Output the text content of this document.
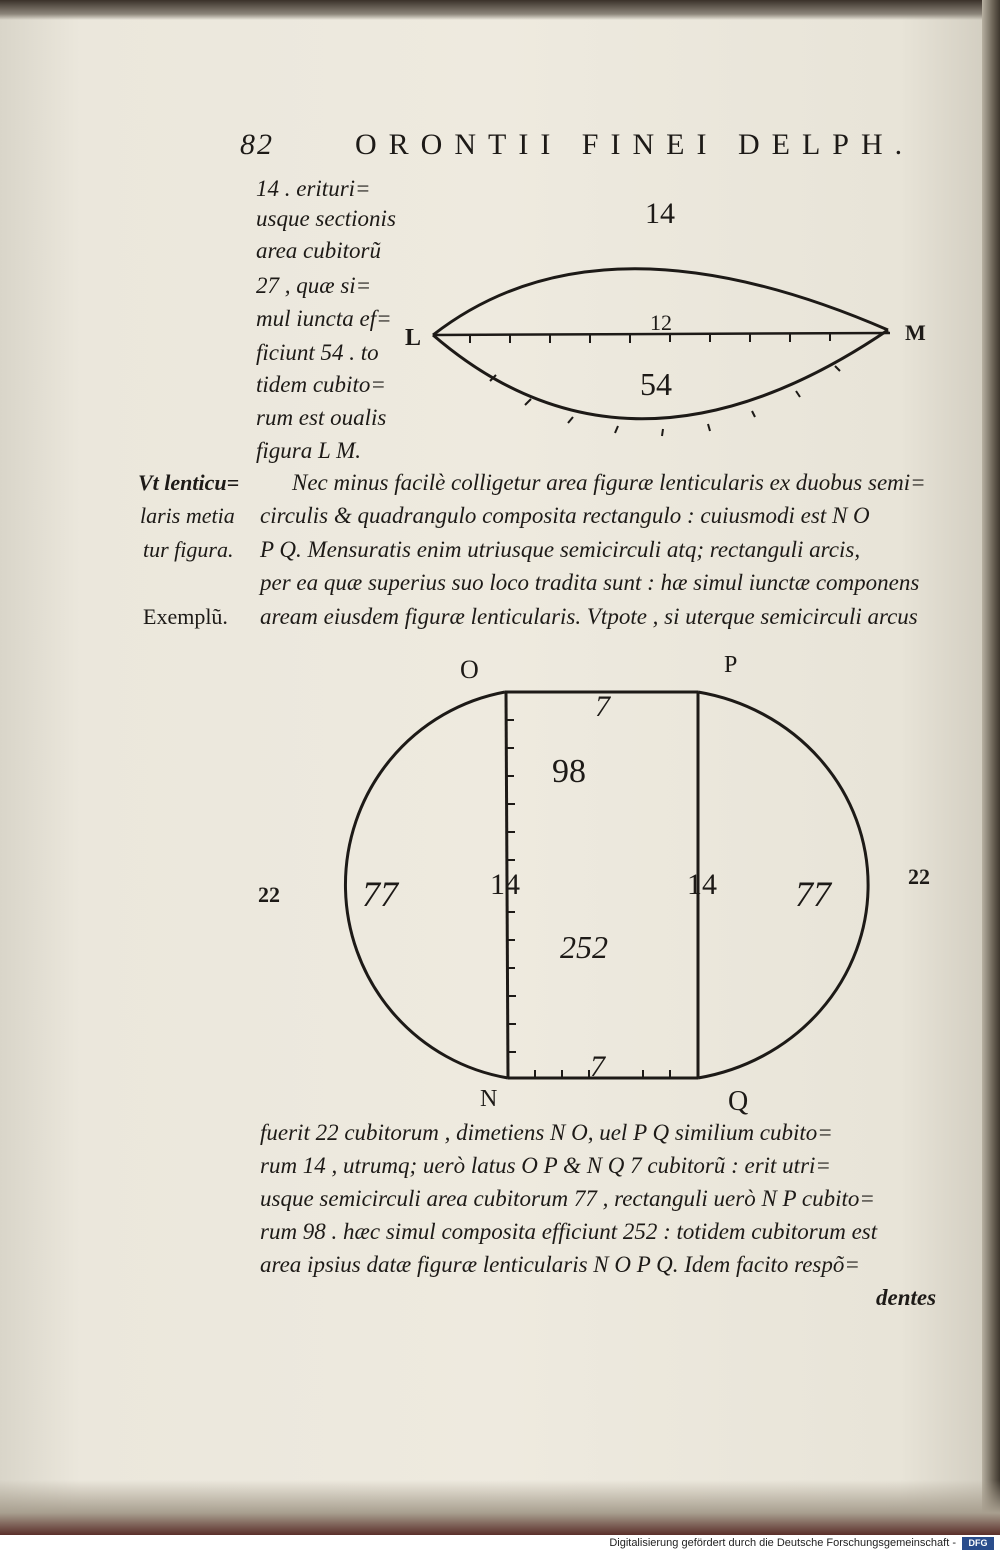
82	ORONTII FINEI DELPH.
14 . eriturі=
usque sectionis
area cubitorũ
27 , quæ si=
mul iuncta ef=
ficiunt 54 . to
tidem cubito=
rum est oualis
figura L M.
14
12
54
L	M
Vt lenticu=
laris metia
tur figura.
Exemplũ.
Nec minus facilè colligetur area figuræ lenticularis ex duobus semi=
circulis & quadrangulo composita rectangulo : cuiusmodi est N O
P Q. Mensuratis enim utriusque semicirculi atq; rectanguli arcis,
per ea quæ superius suo loco tradita sunt : hæ simul iunctæ componens
aream eiusdem figuræ lenticularis. Vtpote , si uterque semicirculi arcus
O	P
N	Q
22
22
77	77
7
7
98
252
14	14
fuerit 22 cubitorum , dimetiens N O, uel P Q similium cubito=
rum 14 , utrumq; uerò latus O P & N Q 7 cubitorũ : erit utri=
usque semicirculi area cubitorum 77 , rectanguli uerò N P cubito=
rum 98 . hæc simul composita efficiunt 252 : totidem cubitorum est
area ipsius datæ figuræ lenticularis N O P Q. Idem facito respõ=
dentes
Digitalisierung gefördert durch die Deutsche Forschungsgemeinschaft -	DFG
